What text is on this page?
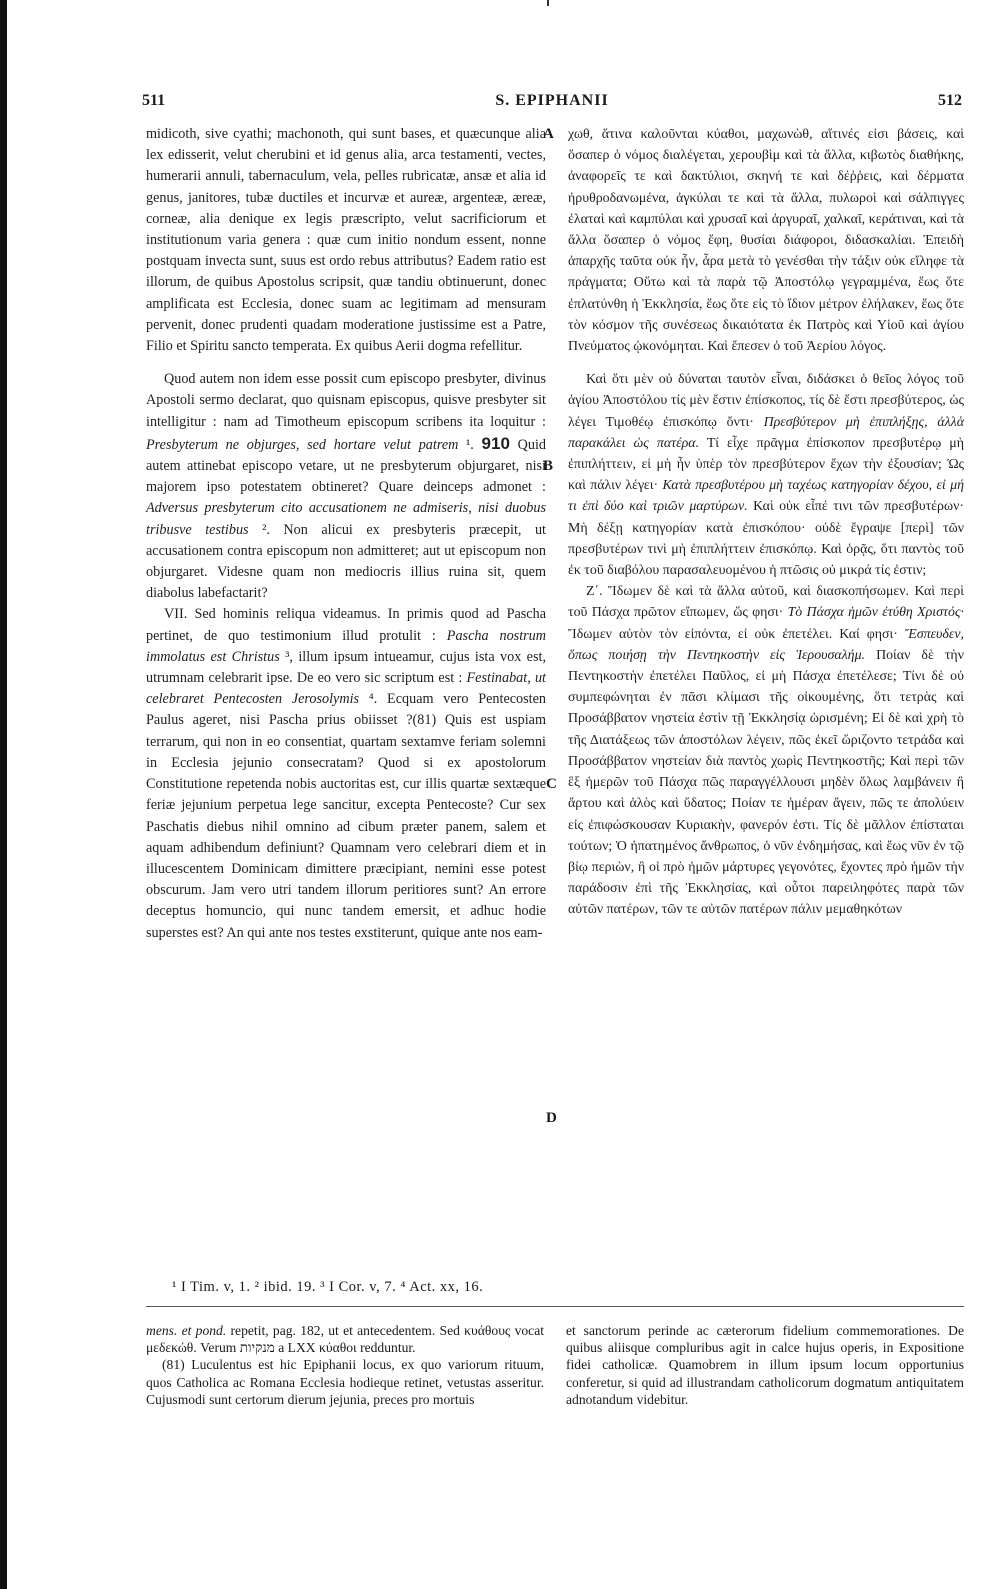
511	S. EPIPHANII	512

midicoth, sive cyathi; machonoth, qui sunt bases, et quæcunque alia lex edisserit, velut cherubini et id genus alia, arca testamenti, vectes, humerarii annuli, tabernaculum, vela, pelles rubricatæ, ansæ et alia id genus, janitores, tubæ ductiles et incurvæ et aureæ, argenteæ, æreæ, corneæ, alia denique ex legis præscripto, velut sacrificiorum et institutionum varia genera : quæ cum initio nondum essent, nonne postquam invecta sunt, suus est ordo rebus attributus? Eadem ratio est illorum, de quibus Apostolus scripsit, quæ tandiu obtinuerunt, donec amplificata est Ecclesia, donec suam ac legitimam ad mensuram pervenit, donec prudenti quadam moderatione justissime est a Patre, Filio et Spiritu sancto temperata. Ex quibus Aerii dogma refellitur.

Quod autem non idem esse possit cum episcopo presbyter, divinus Apostoli sermo declarat, quo quisnam episcopus, quisve presbyter sit intelligitur : nam ad Timotheum episcopum scribens ita loquitur : Presbyterum ne objurges, sed hortare velut patrem ¹. 910 Quid autem attinebat episcopo vetare, ut ne presbyterum objurgaret, nisi majorem ipso potestatem obtineret? Quare deinceps admonet : Adversus presbyterum cito accusationem ne admiseris, nisi duobus tribusve testibus ². Non alicui ex presbyteris præcepit, ut accusationem contra episcopum non admitteret; aut ut episcopum non objurgaret. Videsne quam non mediocris illius ruina sit, quem diabolus labefactarit?

VII. Sed hominis reliqua videamus. In primis quod ad Pascha pertinet, de quo testimonium illud protulit : Pascha nostrum immolatus est Christus ³, illum ipsum intueamur, cujus ista vox est, utrumnam celebrarit ipse. De eo vero sic scriptum est : Festinabat, ut celebraret Pentecosten Jerosolymis ⁴. Ecquam vero Pentecosten Paulus ageret, nisi Pascha prius obiisset ?(81) Quis est uspiam terrarum, qui non in eo consentiat, quartam sextamve feriam solemni in Ecclesia jejunio consecratam? Quod si ex apostolorum Constitutione repetenda nobis auctoritas est, cur illis quartæ sextæque feriæ jejunium perpetua lege sancitur, excepta Pentecoste? Cur sex Paschatis diebus nihil omnino ad cibum præter panem, salem et aquam adhibendum definiunt? Quamnam vero celebrari diem et in illucescentem Dominicam dimittere præcipiant, nemini esse potest obscurum. Jam vero utri tandem illorum peritiores sunt? An errore deceptus homuncio, qui nunc tandem emersit, et adhuc hodie superstes est? An qui ante nos testes exstiterunt, quique ante nos eam-

A
B
C
D

χωθ, ἅτινα καλοῦνται κύαθοι, μαχωνὼθ, αἵτινές εἰσι βάσεις, καὶ ὅσαπερ ὁ νόμος διαλέγεται, χερουβὶμ καὶ τὰ ἄλλα, κιβωτὸς διαθήκης, ἀναφορεῖς τε καὶ δακτύλιοι, σκηνή τε καὶ δέῤῥεις, καὶ δέρματα ἠρυθροδανωμένα, ἀγκύλαι τε καὶ τὰ ἄλλα, πυλωροὶ καὶ σάλπιγγες ἐλαταὶ καὶ καμπύλαι καὶ χρυσαῖ καὶ ἀργυραῖ, χαλκαῖ, κεράτιναι, καὶ τὰ ἄλλα ὅσαπερ ὁ νόμος ἔφη, θυσίαι διάφοροι, διδασκαλίαι. Ἐπειδὴ ἀπαρχῆς ταῦτα οὐκ ἦν, ἆρα μετὰ τὸ γενέσθαι τὴν τάξιν οὐκ εἴληφε τὰ πράγματα; Οὕτω καὶ τὰ παρὰ τῷ Ἀποστόλῳ γεγραμμένα, ἕως ὅτε ἐπλατύνθη ἡ Ἐκκλησία, ἕως ὅτε εἰς τὸ ἴδιον μέτρον ἐλήλακεν, ἕως ὅτε τὸν κόσμον τῆς συνέσεως δικαιότατα ἐκ Πατρὸς καὶ Υἱοῦ καὶ ἁγίου Πνεύματος ᾠκονόμηται. Καὶ ἔπεσεν ὁ τοῦ Ἀερίου λόγος.

Καὶ ὅτι μὲν οὐ δύναται ταυτὸν εἶναι, διδάσκει ὁ θεῖος λόγος τοῦ ἁγίου Ἀποστόλου τίς μὲν ἔστιν ἐπίσκοπος, τίς δὲ ἔστι πρεσβύτερος, ὡς λέγει Τιμοθέῳ ἐπισκόπῳ ὄντι· Πρεσβύτερον μὴ ἐπιπλήξῃς, ἀλλὰ παρακάλει ὡς πατέρα. Τί εἶχε πρᾶγμα ἐπίσκοπον πρεσβυτέρῳ μὴ ἐπιπλήττειν, εἰ μὴ ἦν ὑπὲρ τὸν πρεσβύτερον ἔχων τὴν ἐξουσίαν; Ὡς καὶ πάλιν λέγει· Κατὰ πρεσβυτέρου μὴ ταχέως κατηγορίαν δέχου, εἰ μή τι ἐπὶ δύο καὶ τριῶν μαρτύρων. Καὶ οὐκ εἶπέ τινι τῶν πρεσβυτέρων· Μὴ δέξῃ κατηγορίαν κατὰ ἐπισκόπου· οὐδὲ ἔγραψε [περὶ] τῶν πρεσβυτέρων τινὶ μὴ ἐπιπλήττειν ἐπισκόπῳ. Καὶ ὁρᾷς, ὅτι παντὸς τοῦ ἐκ τοῦ διαβόλου παρασαλευομένου ἡ πτῶσις οὐ μικρά τίς ἐστιν;

Ζ΄. Ἴδωμεν δὲ καὶ τὰ ἄλλα αὐτοῦ, καὶ διασκοπήσωμεν. Καὶ περὶ τοῦ Πάσχα πρῶτον εἴπωμεν, ὥς φησι· Τὸ Πάσχα ἡμῶν ἐτύθη Χριστός· Ἴδωμεν αὐτὸν τὸν εἰπόντα, εἰ οὐκ ἐπετέλει. Καί φησι· Ἔσπευδεν, ὅπως ποιήσῃ τὴν Πεντηκοστὴν εἰς Ἱερουσαλήμ. Ποίαν δὲ τὴν Πεντηκοστὴν ἐπετέλει Παῦλος, εἰ μὴ Πάσχα ἐπετέλεσε; Τίνι δὲ οὐ συμπεφώνηται ἐν πᾶσι κλίμασι τῆς οἰκουμένης, ὅτι τετρὰς καὶ Προσάββατον νηστεία ἐστὶν τῇ Ἐκκλησίᾳ ὡρισμένη; Εἰ δὲ καὶ χρὴ τὸ τῆς Διατάξεως τῶν ἀποστόλων λέγειν, πῶς ἐκεῖ ὥριζοντο τετράδα καὶ Προσάββατον νηστείαν διὰ παντὸς χωρὶς Πεντηκοστῆς; Καὶ περὶ τῶν ἓξ ἡμερῶν τοῦ Πάσχα πῶς παραγγέλλουσι μηδὲν ὅλως λαμβάνειν ἢ ἄρτου καὶ ἁλὸς καὶ ὕδατος; Ποίαν τε ἡμέραν ἄγειν, πῶς τε ἀπολύειν εἰς ἐπιφώσκουσαν Κυριακὴν, φανερόν ἐστι. Τίς δὲ μᾶλλον ἐπίσταται τούτων; Ὁ ἠπατημένος ἄνθρωπος, ὁ νῦν ἐνδημήσας, καὶ ἕως νῦν ἐν τῷ βίῳ περιὼν, ἢ οἱ πρὸ ἡμῶν μάρτυρες γεγονότες, ἔχοντες πρὸ ἡμῶν τὴν παράδοσιν ἐπὶ τῆς Ἐκκλησίας, καὶ οὗτοι παρειληφότες παρὰ τῶν αὐτῶν πατέρων, τῶν τε αὐτῶν πατέρων πάλιν μεμαθηκότων

¹ I Tim. v, 1. ² ibid. 19. ³ I Cor. v, 7. ⁴ Act. xx, 16.

mens. et pond. repetit, pag. 182, ut et antecedentem. Sed κυάθους vocat μεδεκώθ. Verum מנקיות a LXX κύαθοι redduntur.

(81) Luculentus est hic Epiphanii locus, ex quo variorum rituum, quos Catholica ac Romana Ecclesia hodieque retinet, vetustas asseritur. Cujusmodi sunt certorum dierum jejunia, preces pro mortuis

et sanctorum perinde ac cæterorum fidelium commemorationes. De quibus aliisque compluribus agit in calce hujus operis, in Expositione fidei catholicæ. Quamobrem in illum ipsum locum opportunius conferetur, si quid ad illustrandam catholicorum dogmatum antiquitatem adnotandum videbitur.
